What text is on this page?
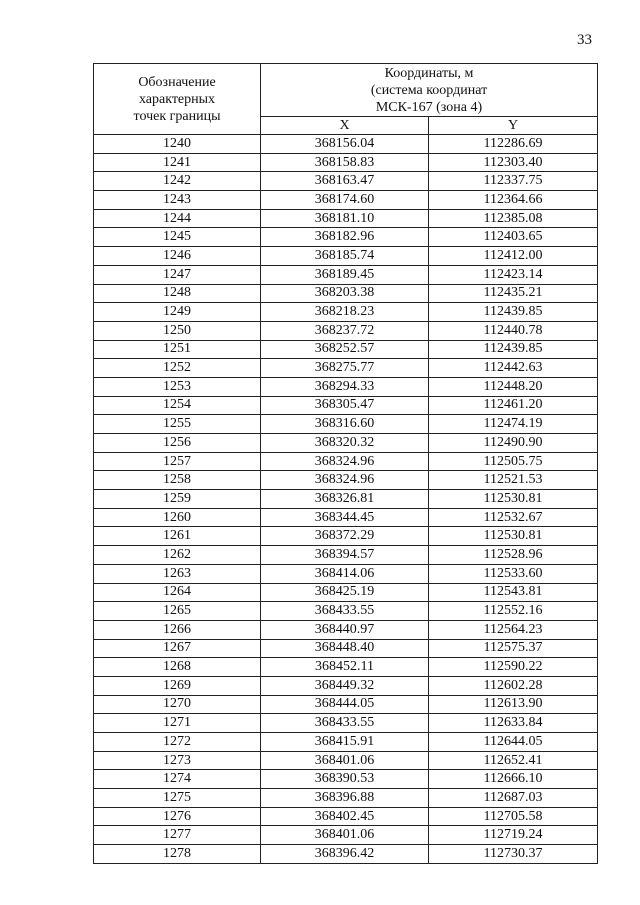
33
Обозначение
характерных
точек границы	Координаты, м
(система координат
МСК-167 (зона 4)	

	X	Y
1240	368156.04	112286.69
1241	368158.83	112303.40
1242	368163.47	112337.75
1243	368174.60	112364.66
1244	368181.10	112385.08
1245	368182.96	112403.65
1246	368185.74	112412.00
1247	368189.45	112423.14
1248	368203.38	112435.21
1249	368218.23	112439.85
1250	368237.72	112440.78
1251	368252.57	112439.85
1252	368275.77	112442.63
1253	368294.33	112448.20
1254	368305.47	112461.20
1255	368316.60	112474.19
1256	368320.32	112490.90
1257	368324.96	112505.75
1258	368324.96	112521.53
1259	368326.81	112530.81
1260	368344.45	112532.67
1261	368372.29	112530.81
1262	368394.57	112528.96
1263	368414.06	112533.60
1264	368425.19	112543.81
1265	368433.55	112552.16
1266	368440.97	112564.23
1267	368448.40	112575.37
1268	368452.11	112590.22
1269	368449.32	112602.28
1270	368444.05	112613.90
1271	368433.55	112633.84
1272	368415.91	112644.05
1273	368401.06	112652.41
1274	368390.53	112666.10
1275	368396.88	112687.03
1276	368402.45	112705.58
1277	368401.06	112719.24
1278	368396.42	112730.37
